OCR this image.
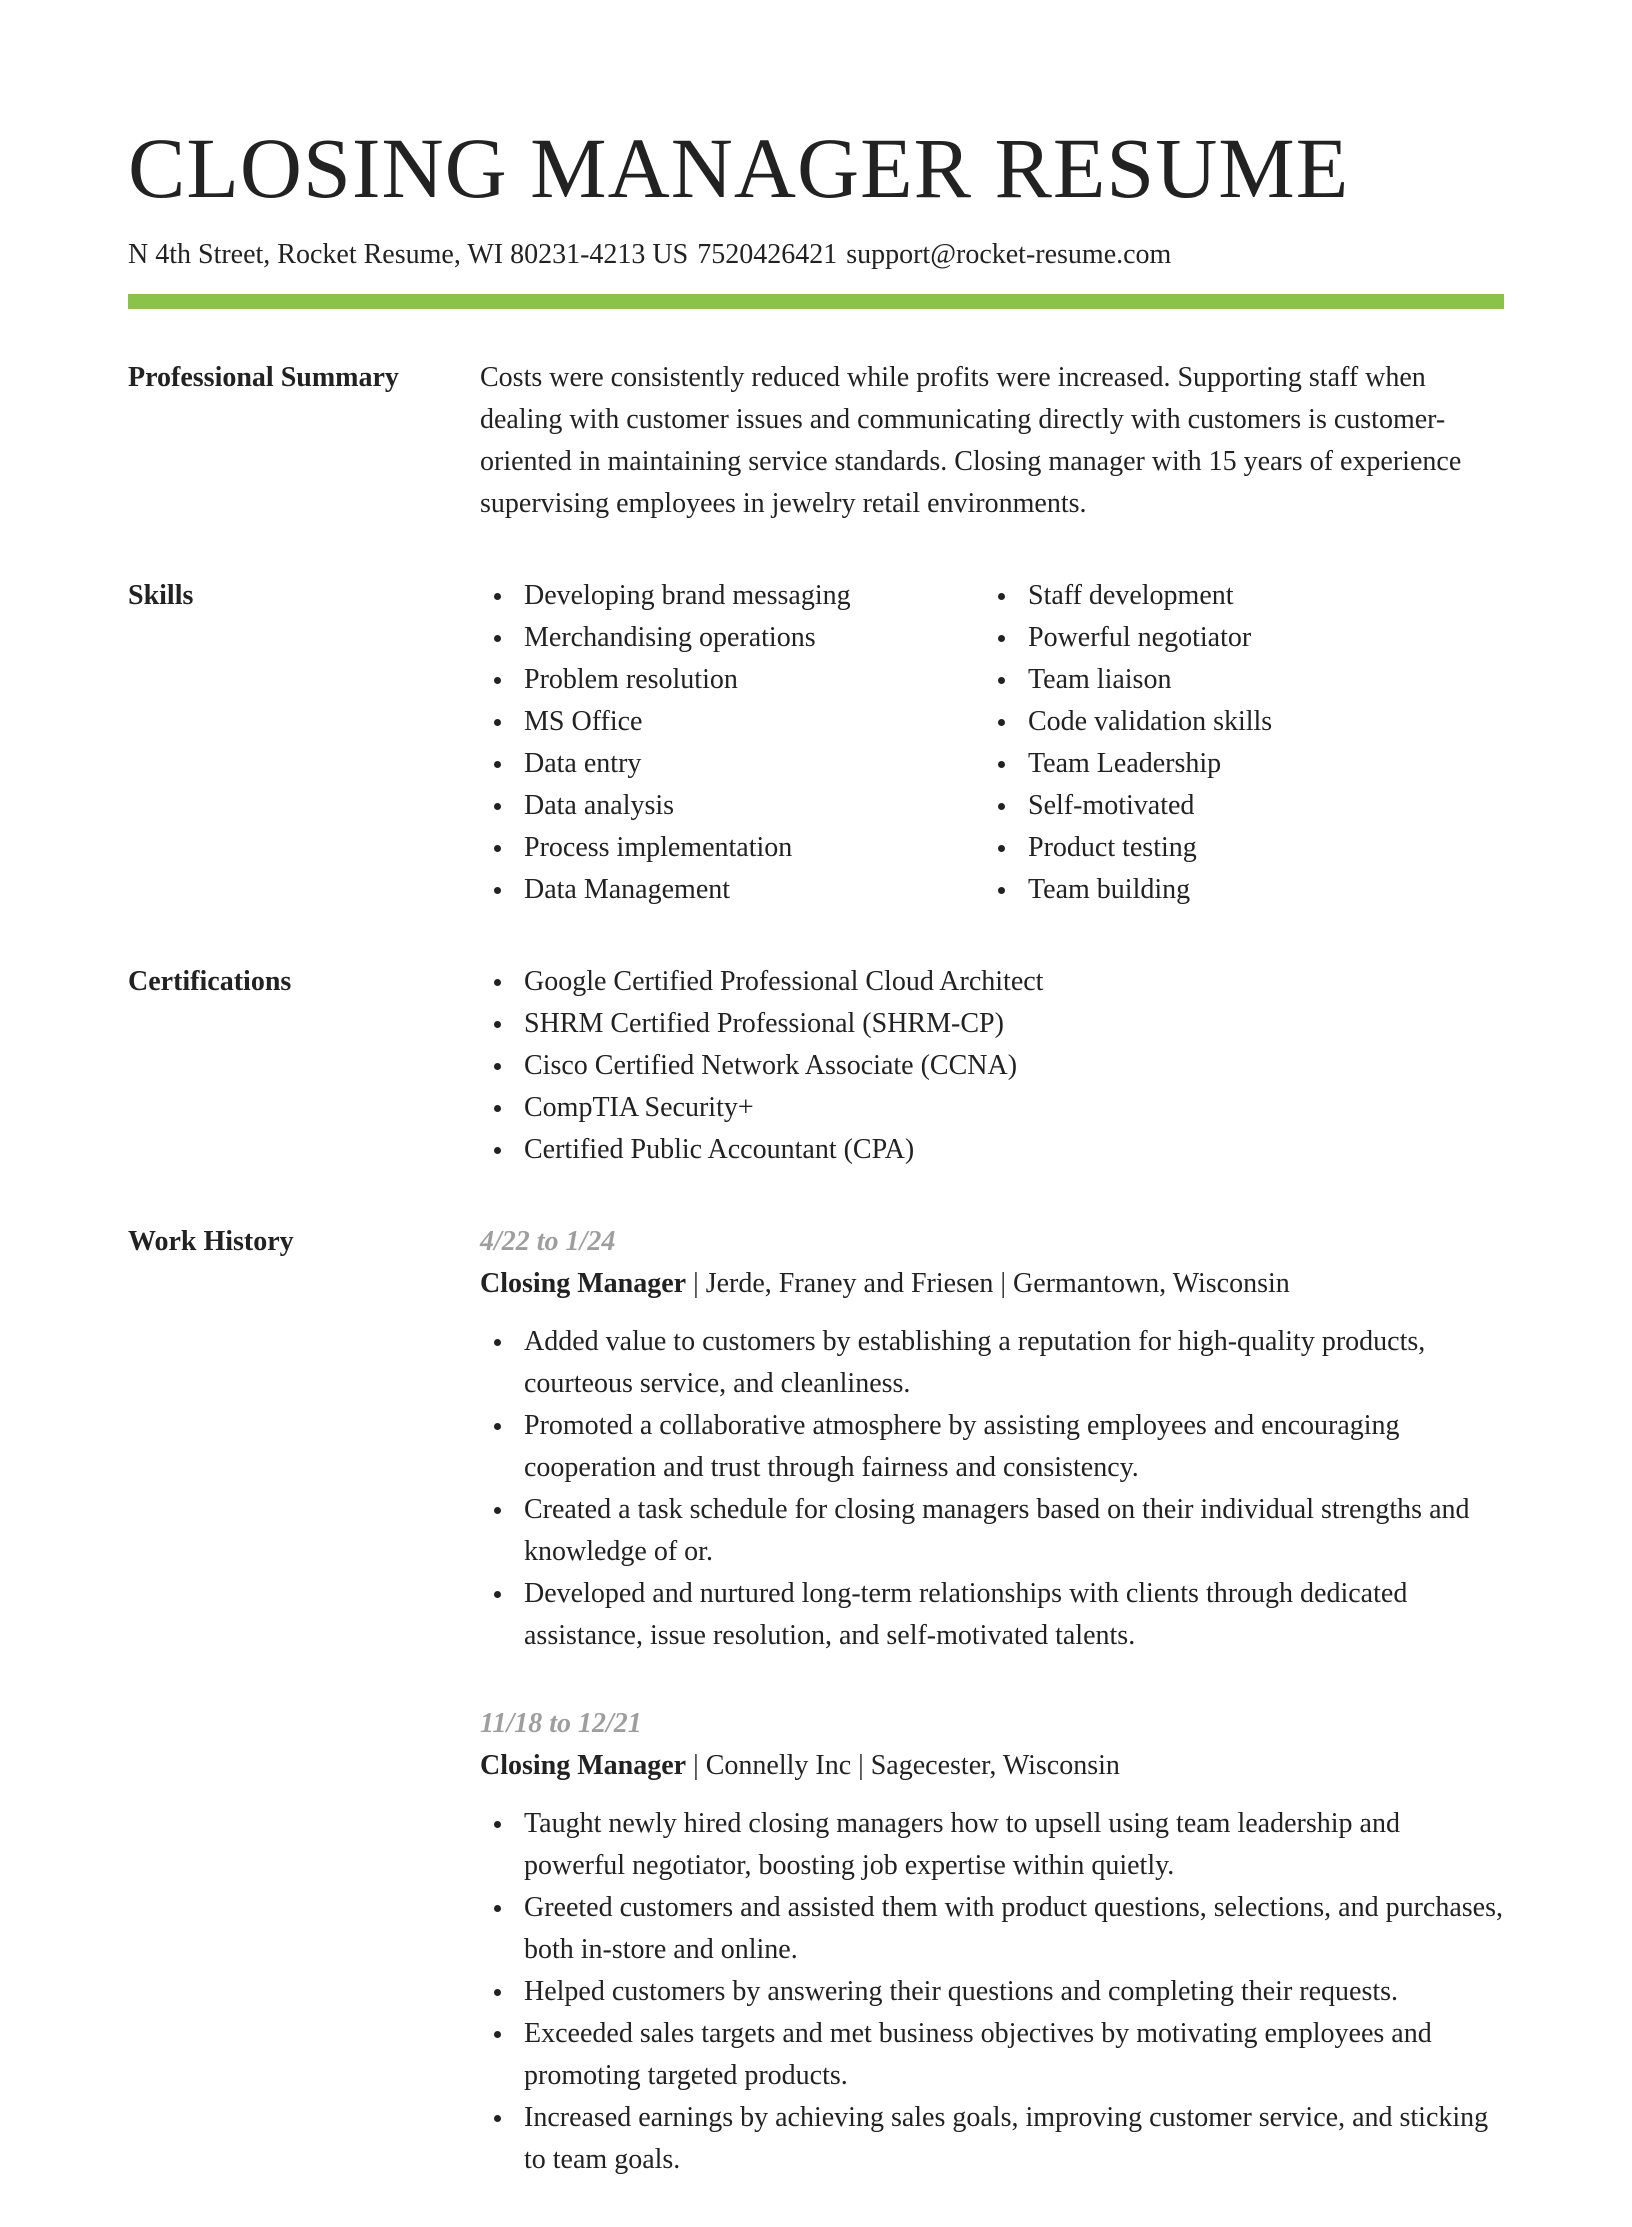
CLOSING MANAGER RESUME
N 4th Street, Rocket Resume, WI 80231-4213 US 7520426421 support@rocket-resume.com
Professional Summary	Costs were consistently reduced while profits were increased. Supporting staff when dealing with customer issues and communicating directly with customers is customer-oriented in maintaining service standards. Closing manager with 15 years of experience supervising employees in jewelry retail environments.

Skills	Developing brand messaging
Merchandising operations
Problem resolution
MS Office
Data entry
Data analysis
Process implementation
Data Management
Staff development
Powerful negotiator
Team liaison
Code validation skills
Team Leadership
Self-motivated
Product testing
Team building
Certifications	Google Certified Professional Cloud Architect
SHRM Certified Professional (SHRM-CP)
Cisco Certified Network Associate (CCNA)
CompTIA Security+
Certified Public Accountant (CPA)
Work History	4/22 to 1/24
Closing Manager | Jerde, Franey and Friesen | Germantown, Wisconsin
Added value to customers by establishing a reputation for high-quality products, courteous service, and cleanliness.
Promoted a collaborative atmosphere by assisting employees and encouraging cooperation and trust through fairness and consistency.
Created a task schedule for closing managers based on their individual strengths and knowledge of or.
Developed and nurtured long-term relationships with clients through dedicated assistance, issue resolution, and self-motivated talents.
11/18 to 12/21
Closing Manager | Connelly Inc | Sagecester, Wisconsin
Taught newly hired closing managers how to upsell using team leadership and powerful negotiator, boosting job expertise within quietly.
Greeted customers and assisted them with product questions, selections, and purchases, both in-store and online.
Helped customers by answering their questions and completing their requests.
Exceeded sales targets and met business objectives by motivating employees and promoting targeted products.
Increased earnings by achieving sales goals, improving customer service, and sticking to team goals.
